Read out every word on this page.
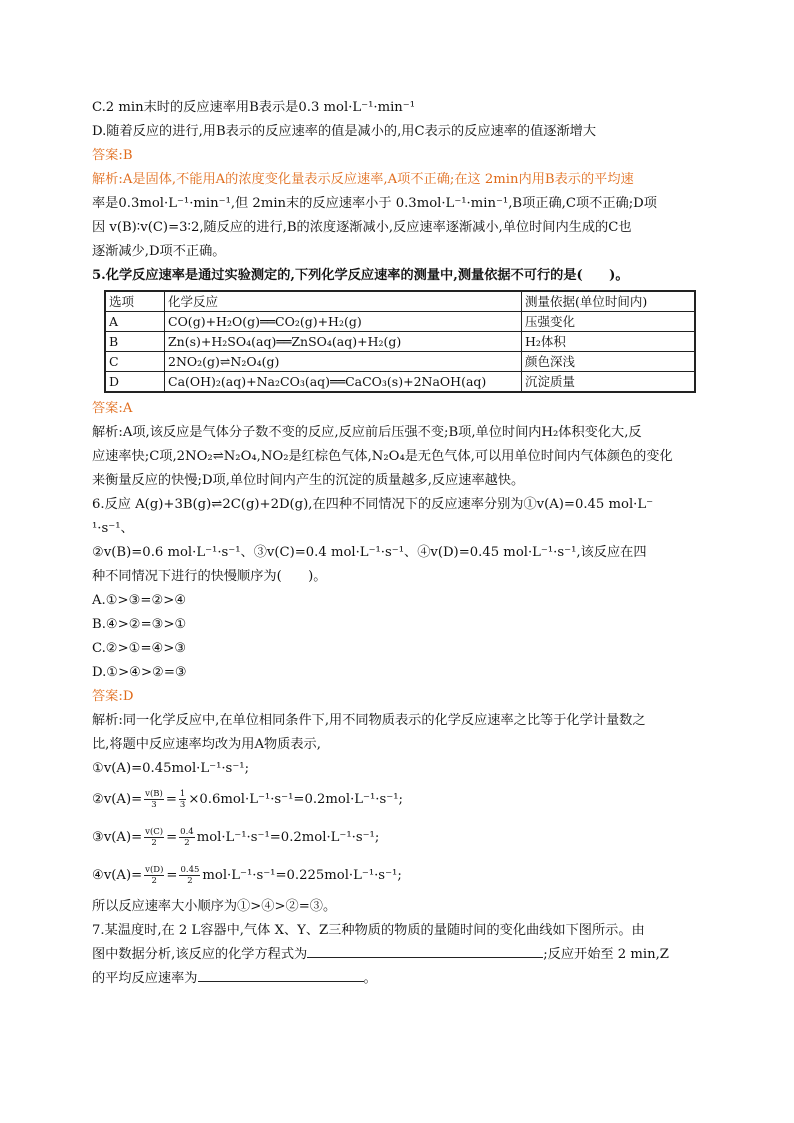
C.2 min末时的反应速率用B表示是0.3 mol·L⁻¹·min⁻¹
D.随着反应的进行,用B表示的反应速率的值是减小的,用C表示的反应速率的值逐渐增大
答案:B
解析:A是固体,不能用A的浓度变化量表示反应速率,A项不正确;在这 2min内用B表示的平均速
率是0.3mol·L⁻¹·min⁻¹,但 2min末的反应速率小于 0.3mol·L⁻¹·min⁻¹,B项正确,C项不正确;D项
因 v(B)∶v(C)=3∶2,随反应的进行,B的浓度逐渐减小,反应速率逐渐减小,单位时间内生成的C也
逐渐减少,D项不正确。
5.化学反应速率是通过实验测定的,下列化学反应速率的测量中,测量依据不可行的是(　　)。
选项	化学反应	测量依据(单位时间内)
A	CO(g)+H₂O(g)══CO₂(g)+H₂(g)	压强变化
B	Zn(s)+H₂SO₄(aq)══ZnSO₄(aq)+H₂(g)	H₂体积
C	2NO₂(g)⇌N₂O₄(g)	颜色深浅
D	Ca(OH)₂(aq)+Na₂CO₃(aq)══CaCO₃(s)+2NaOH(aq)	沉淀质量
答案:A
解析:A项,该反应是气体分子数不变的反应,反应前后压强不变;B项,单位时间内H₂体积变化大,反
应速率快;C项,2NO₂⇌N₂O₄,NO₂是红棕色气体,N₂O₄是无色气体,可以用单位时间内气体颜色的变化
来衡量反应的快慢;D项,单位时间内产生的沉淀的质量越多,反应速率越快。
6.反应 A(g)+3B(g)⇌2C(g)+2D(g),在四种不同情况下的反应速率分别为①v(A)=0.45 mol·L⁻
¹·s⁻¹、
②v(B)=0.6 mol·L⁻¹·s⁻¹、③v(C)=0.4 mol·L⁻¹·s⁻¹、④v(D)=0.45 mol·L⁻¹·s⁻¹,该反应在四
种不同情况下进行的快慢顺序为(　　)。
A.①>③=②>④
B.④>②=③>①
C.②>①=④>③
D.①>④>②=③
答案:D
解析:同一化学反应中,在单位相同条件下,用不同物质表示的化学反应速率之比等于化学计量数之
比,将题中反应速率均改为用A物质表示,
①v(A)=0.45mol·L⁻¹·s⁻¹;
②v(A)= $\frac{v(B)}{3} = \frac{1}{3} \times 0.6mol\cdot L^{-1}\cdot s^{-1}=0.2mol\cdot L^{-1}\cdot s^{-1}$;
③v(A)= $\frac{v(C)}{2} = \frac{0.4}{2} mol\cdot L^{-1}\cdot s^{-1}=0.2mol\cdot L^{-1}\cdot s^{-1}$;
④v(A)= $\frac{v(D)}{2} = \frac{0.45}{2} mol\cdot L^{-1}\cdot s^{-1}=0.225mol\cdot L^{-1}\cdot s^{-1}$;
所以反应速率大小顺序为①>④>②=③。
7.某温度时,在 2 L容器中,气体 X、Y、Z三种物质的物质的量随时间的变化曲线如下图所示。由
图中数据分析,该反应的化学方程式为	;反应开始至 2 min,Z
的平均反应速率为	。
